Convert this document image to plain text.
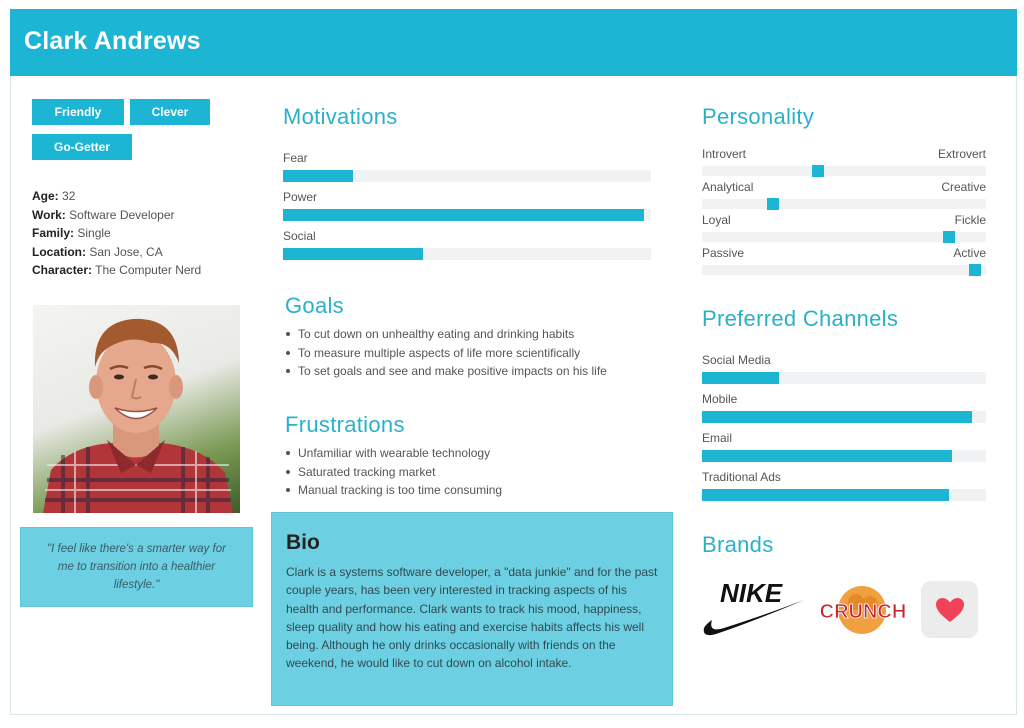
Clark Andrews
Friendly	Clever
Go-Getter
Age: 32
Work: Software Developer
Family: Single
Location: San Jose, CA
Character: The Computer Nerd
"I feel like there's a smarter way for me to transition into a healthier lifestyle."
Motivations
Fear
Power
Social
Goals
To cut down on unhealthy eating and drinking habits
To measure multiple aspects of life more scientifically
To set goals and see and make positive impacts on his life
Frustrations
Unfamiliar with wearable technology
Saturated tracking market
Manual tracking is too time consuming
Bio

Clark is a systems software developer, a "data junkie" and for the past couple years, has been very interested in tracking aspects of his health and performance. Clark wants to track his mood, happiness, sleep quality and how his eating and exercise habits affects his well being. Although he only drinks occasionally with friends on the weekend, he would like to cut down on alcohol intake.

Personality
Introvert	Extrovert
Analytical	Creative
Loyal	Fickle
Passive	Active
Preferred Channels
Social Media
Mobile
Email
Traditional Ads
Brands
NIKE
CRUNCH
